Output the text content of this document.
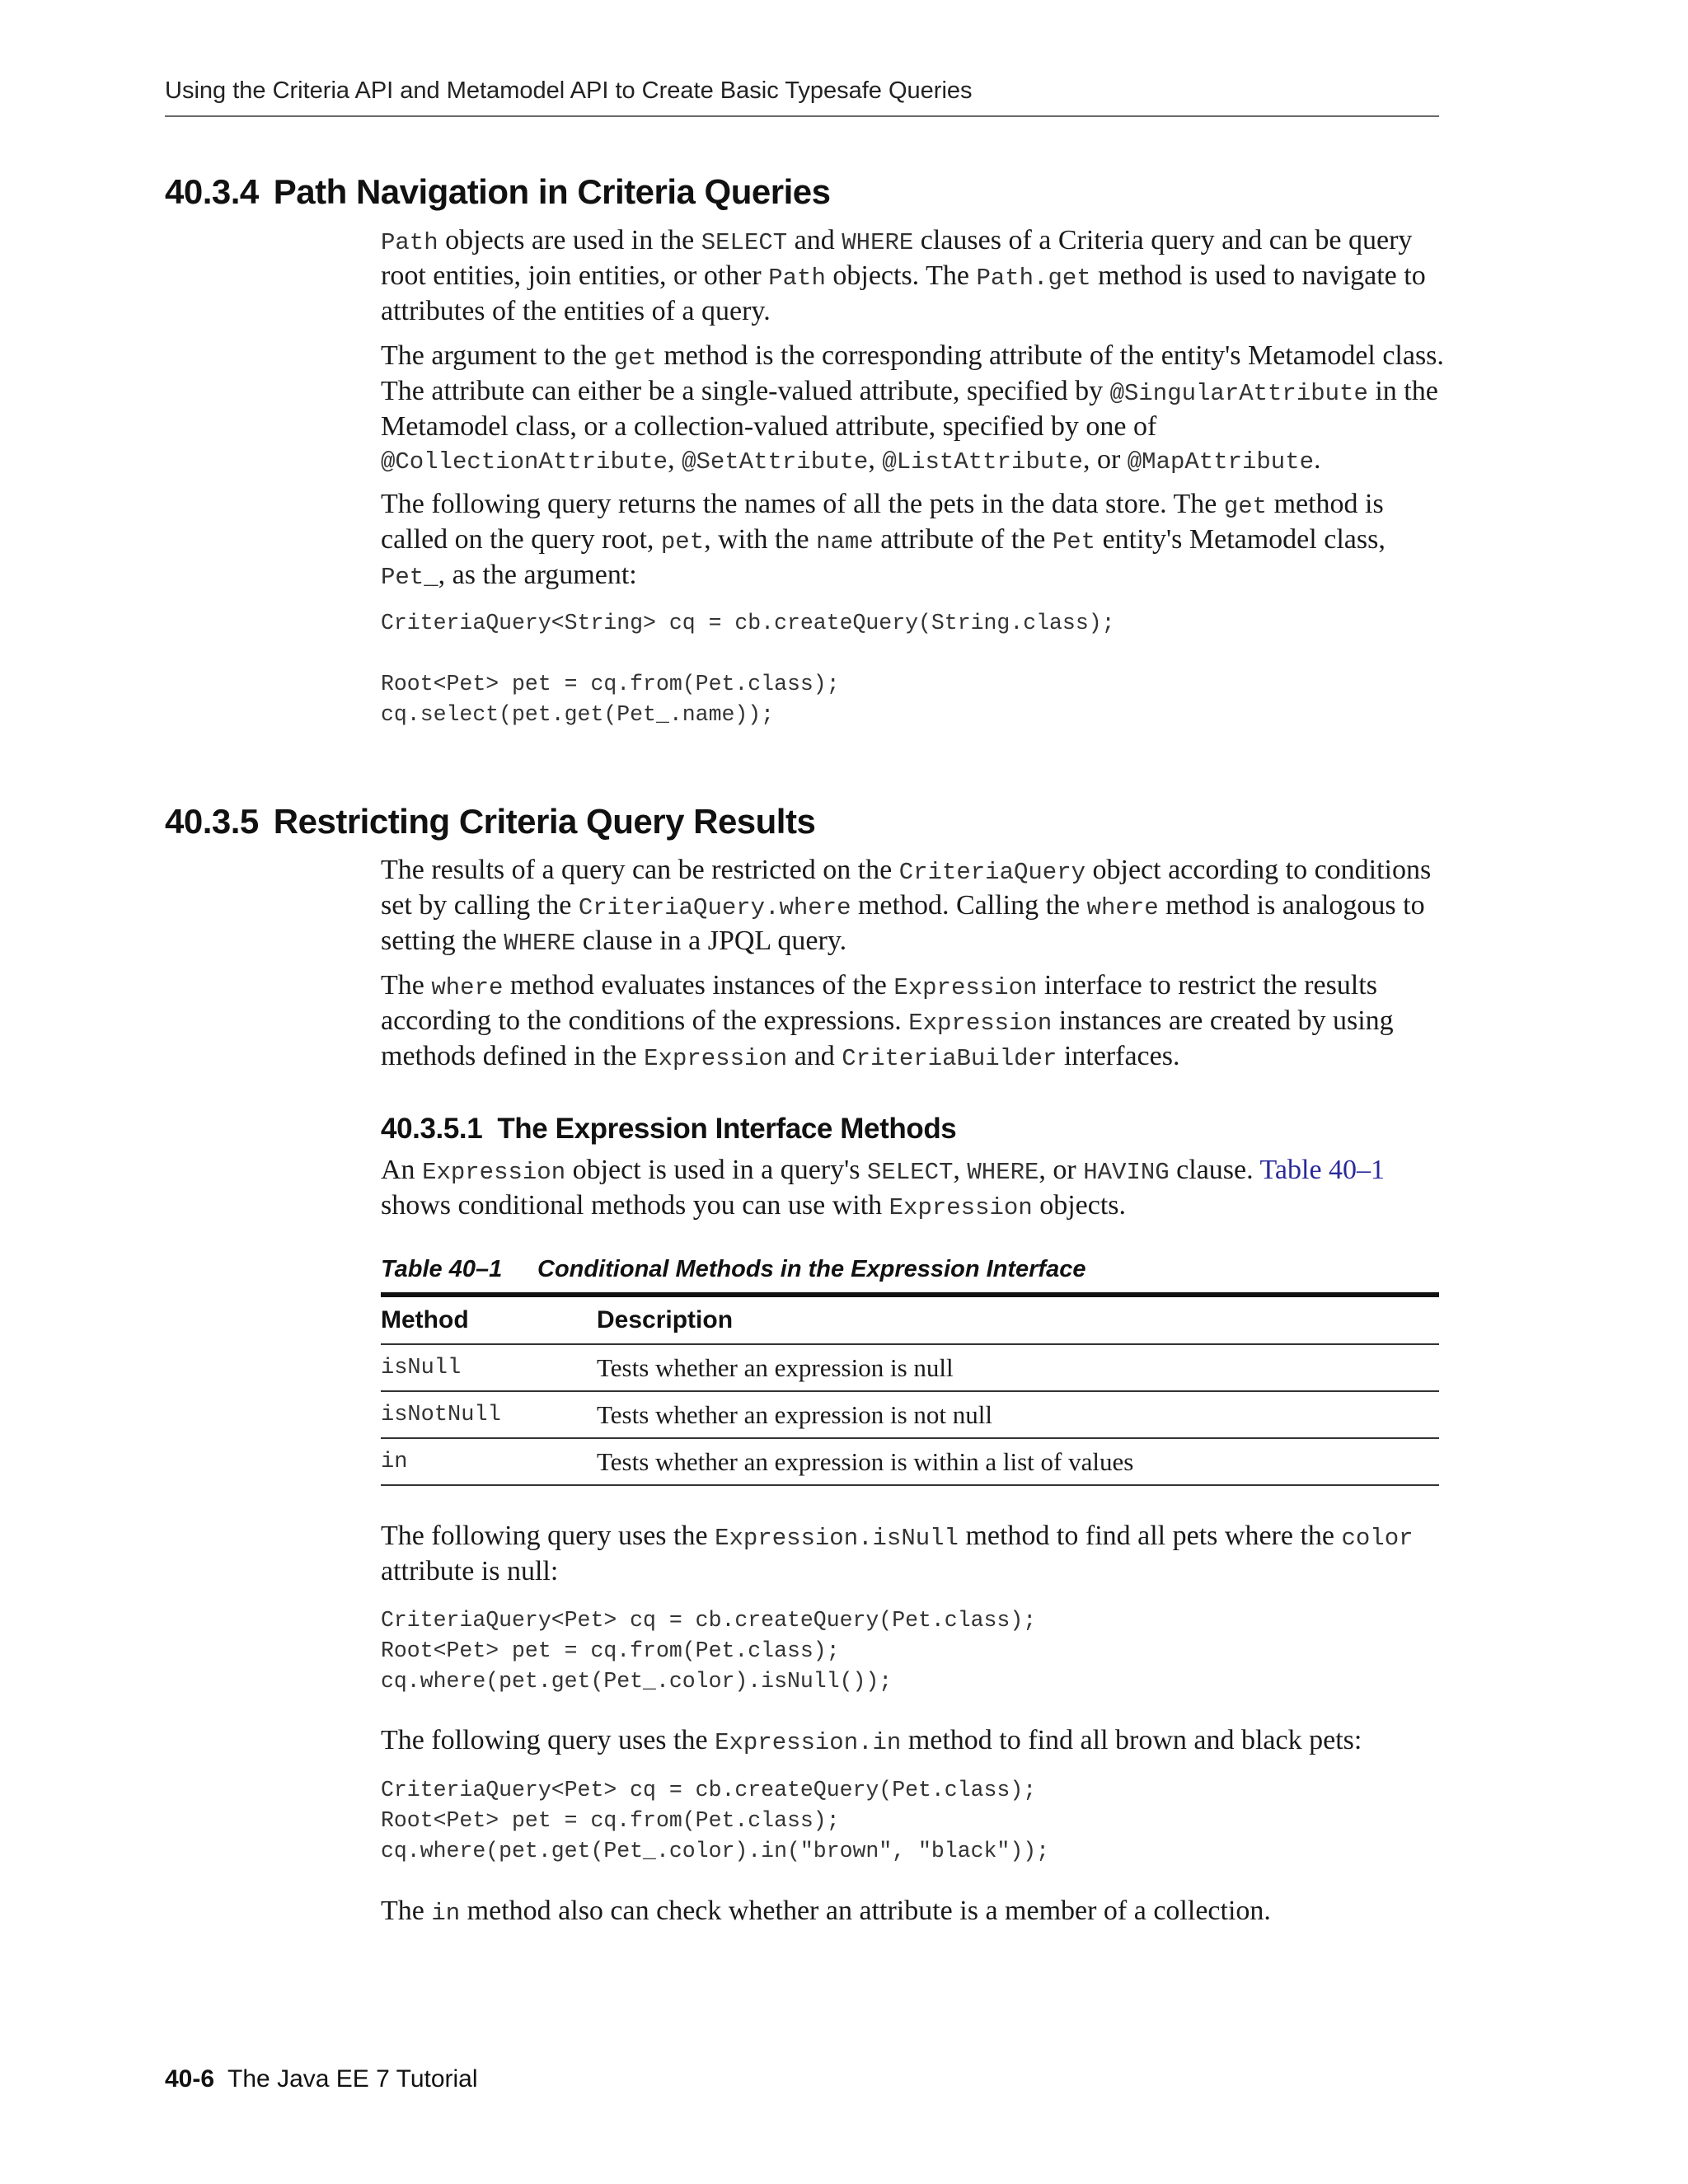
Using the Criteria API and Metamodel API to Create Basic Typesafe Queries
40.3.4 Path Navigation in Criteria Queries
Path objects are used in the SELECT and WHERE clauses of a Criteria query and can be query root entities, join entities, or other Path objects. The Path.get method is used to navigate to attributes of the entities of a query.
The argument to the get method is the corresponding attribute of the entity's Metamodel class. The attribute can either be a single-valued attribute, specified by @SingularAttribute in the Metamodel class, or a collection-valued attribute, specified by one of @CollectionAttribute, @SetAttribute, @ListAttribute, or @MapAttribute.
The following query returns the names of all the pets in the data store. The get method is called on the query root, pet, with the name attribute of the Pet entity's Metamodel class, Pet_, as the argument:
CriteriaQuery<String> cq = cb.createQuery(String.class);

Root<Pet> pet = cq.from(Pet.class);
cq.select(pet.get(Pet_.name));
40.3.5 Restricting Criteria Query Results
The results of a query can be restricted on the CriteriaQuery object according to conditions set by calling the CriteriaQuery.where method. Calling the where method is analogous to setting the WHERE clause in a JPQL query.
The where method evaluates instances of the Expression interface to restrict the results according to the conditions of the expressions. Expression instances are created by using methods defined in the Expression and CriteriaBuilder interfaces.
40.3.5.1 The Expression Interface Methods
An Expression object is used in a query's SELECT, WHERE, or HAVING clause. Table 40–1 shows conditional methods you can use with Expression objects.
Table 40–1 Conditional Methods in the Expression Interface
Method	Description
isNull	Tests whether an expression is null
isNotNull	Tests whether an expression is not null
in	Tests whether an expression is within a list of values
The following query uses the Expression.isNull method to find all pets where the color attribute is null:
CriteriaQuery<Pet> cq = cb.createQuery(Pet.class);
Root<Pet> pet = cq.from(Pet.class);
cq.where(pet.get(Pet_.color).isNull());
The following query uses the Expression.in method to find all brown and black pets:
CriteriaQuery<Pet> cq = cb.createQuery(Pet.class);
Root<Pet> pet = cq.from(Pet.class);
cq.where(pet.get(Pet_.color).in("brown", "black"));
The in method also can check whether an attribute is a member of a collection.
40-6 The Java EE 7 Tutorial
